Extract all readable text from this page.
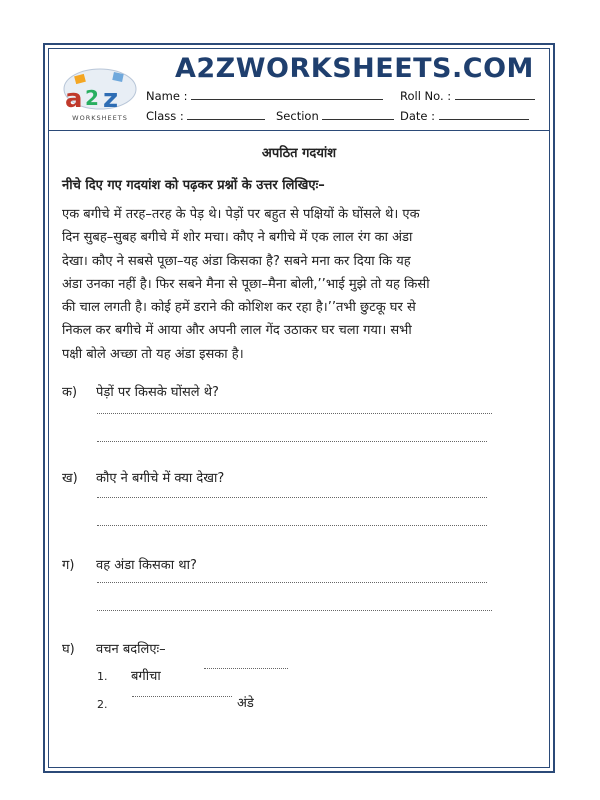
a 2 z
WORKSHEETS
A2ZWORKSHEETS.COM
Name :	Roll No. :
Class :	Section	Date :
अपठित गदयांश
नीचे दिए गए गदयांश को पढ़कर प्रश्नों के उत्तर लिखिएः–
एक बगीचे में तरह–तरह के पेड़ थे। पेड़ों पर बहुत से पक्षियों के घोंसले थे। एक
दिन सुबह–सुबह बगीचे में शोर मचा। कौए ने बगीचे में एक लाल रंग का अंडा
देखा। कौए ने सबसे पूछा–यह अंडा किसका है? सबने मना कर दिया कि यह
अंडा उनका नहीं है। फिर सबने मैना से पूछा–मैना बोली,’’भाई मुझे तो यह किसी
की चाल लगती है। कोई हमें डराने की कोशिश कर रहा है।’’तभी छुटकू घर से
निकल कर बगीचे में आया और अपनी लाल गेंद उठाकर घर चला गया। सभी
पक्षी बोले अच्छा तो यह अंडा इसका है।
क) पेड़ों पर किसके घोंसले थे?
ख) कौए ने बगीचे में क्या देखा?
ग) वह अंडा किसका था?
घ) वचन बदलिएः–
1. बगीचा
2.	अंडे
